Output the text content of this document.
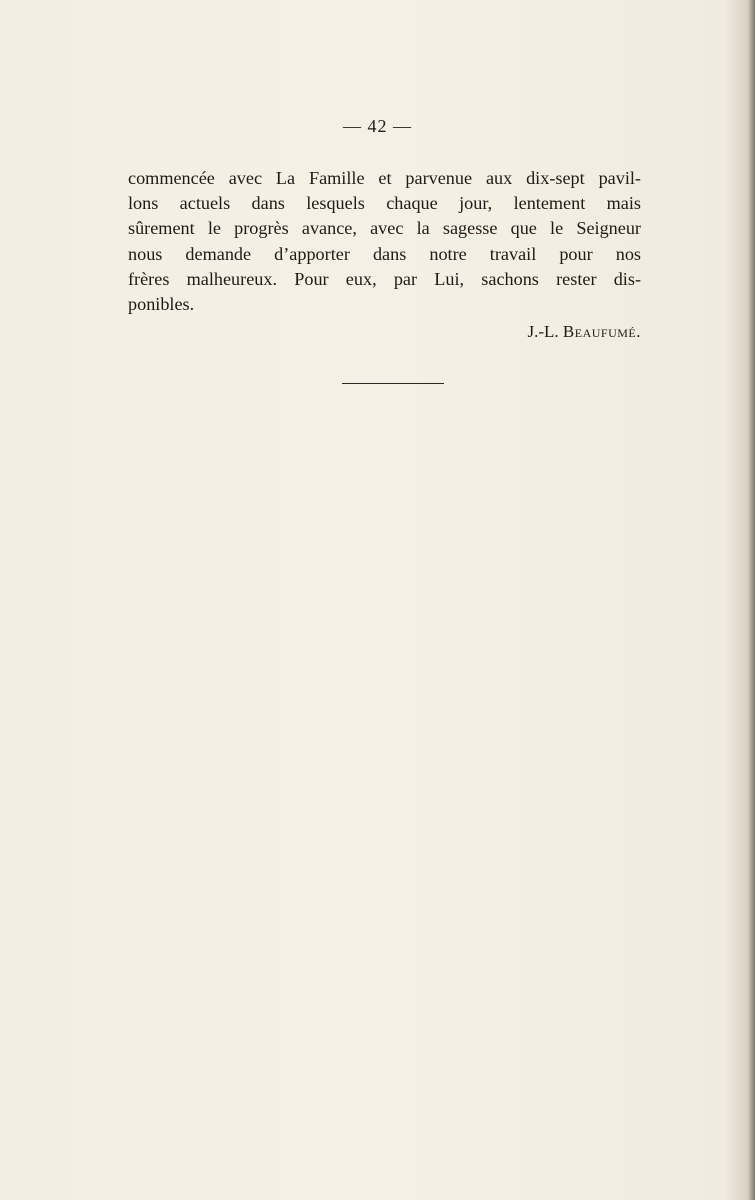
— 42 —
commencée avec La Famille et parvenue aux dix-sept pavil-
lons actuels dans lesquels chaque jour, lentement mais
sûrement le progrès avance, avec la sagesse que le Seigneur
nous demande d’apporter dans notre travail pour nos
frères malheureux. Pour eux, par Lui, sachons rester dis-
ponibles.
J.-L. Beaufumé.
